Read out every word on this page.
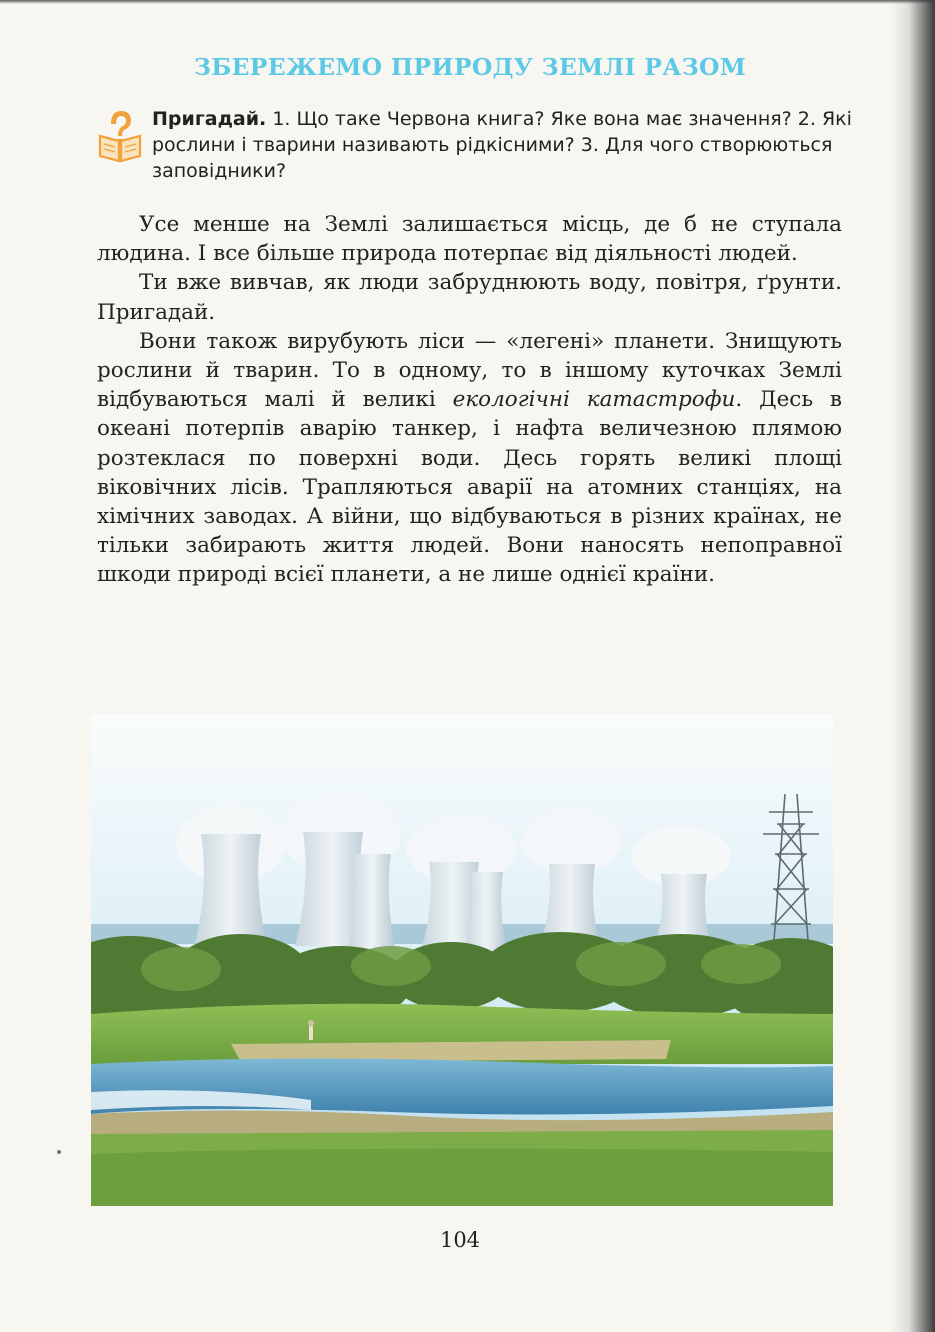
ЗБЕРЕЖЕМО ПРИРОДУ ЗЕМЛІ РАЗОМ

Пригадай. 1. Що таке Червона книга? Яке вона має значення? 2. Які рослини і тварини називають рідкісними? 3. Для чого створюються заповідники?

Усе менше на Землі залишається місць, де б не ступала людина. І все більше природа потерпає від діяльності людей.

Ти вже вивчав, як люди забруднюють воду, повітря, ґрунти. Пригадай.

Вони також вирубують ліси — «легені» планети. Знищують рослини й тварин. То в одному, то в іншому куточках Землі відбуваються малі й великі екологічні катастрофи. Десь в океані потерпів аварію танкер, і нафта величезною плямою розтеклася по поверхні води. Десь горять великі площі віковічних лісів. Трапляються аварії на атомних станціях, на хімічних заводах. А війни, що відбуваються в різних країнах, не тільки забирають життя людей. Вони наносять непоправної шкоди природі всієї планети, а не лише однієї країни.

104
